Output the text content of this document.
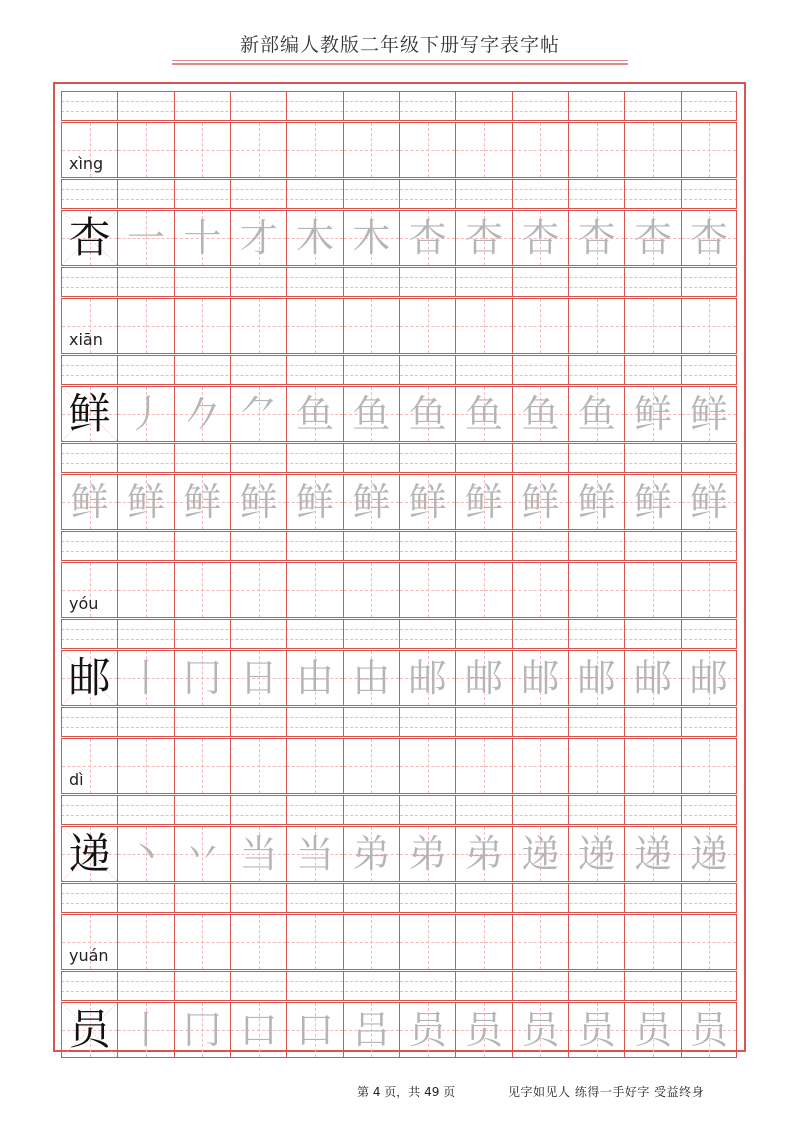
新部编人教版二年级下册写字表字帖
xìng
杏 一 十 才 木 木 杏 杏 杏 杏 杏 杏
xiān
鲜 丿 𠂊 ⺈ 鱼 鱼 鱼 鱼 鱼 鱼 鲜 鲜
鲜 鲜 鲜 鲜 鲜 鲜 鲜 鲜 鲜 鲜 鲜 鲜
yóu
邮 丨 冂 日 由 由 邮 邮 邮 邮 邮 邮
dì
递 丶 丷 当 当 弟 弟 弟 递 递 递 递
yuán
员 丨 冂 口 口 吕 员 员 员 员 员 员
第 4 页，共 49 页	见字如见人 练得一手好字 受益终身
